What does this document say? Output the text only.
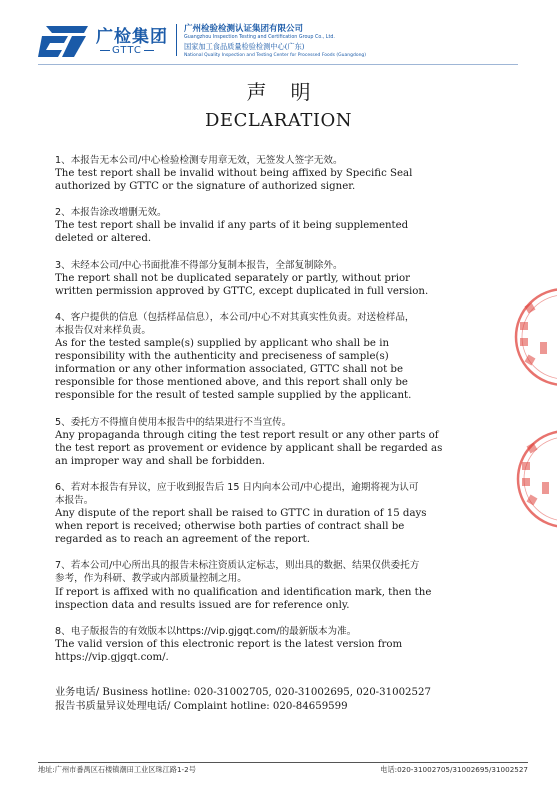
广检集团
GTTC
广州检验检测认证集团有限公司
Guangzhou Inspection Testing and Certification Group Co., Ltd.
国家加工食品质量检验检测中心(广东)
National Quality Inspection and Testing Center for Processed Foods (Guangdong)
声明
DECLARATION

1、本报告无本公司/中心检验检测专用章无效，无签发人签字无效。

The test report shall be invalid without being affixed by Specific Seal

authorized by GTTC or the signature of authorized signer.

2、本报告涂改增删无效。

The test report shall be invalid if any parts of it being supplemented

deleted or altered.

3、未经本公司/中心书面批准不得部分复制本报告，全部复制除外。

The report shall not be duplicated separately or partly, without prior

written permission approved by GTTC, except duplicated in full version.

4、客户提供的信息（包括样品信息），本公司/中心不对其真实性负责。对送检样品，

本报告仅对来样负责。

As for the tested sample(s) supplied by applicant who shall be in

responsibility with the authenticity and preciseness of sample(s)

information or any other information associated, GTTC shall not be

responsible for those mentioned above, and this report shall only be

responsible for the result of tested sample supplied by the applicant.

5、委托方不得擅自使用本报告中的结果进行不当宣传。

Any propaganda through citing the test report result or any other parts of

the test report as provement or evidence by applicant shall be regarded as

an improper way and shall be forbidden.

6、若对本报告有异议，应于收到报告后 15 日内向本公司/中心提出，逾期将视为认可

本报告。

Any dispute of the report shall be raised to GTTC in duration of 15 days

when report is received; otherwise both parties of contract shall be

regarded as to reach an agreement of the report.

7、若本公司/中心所出具的报告未标注资质认定标志，则出具的数据、结果仅供委托方

参考，作为科研、教学或内部质量控制之用。

If report is affixed with no qualification and identification mark, then the

inspection data and results issued are for reference only.

8、电子版报告的有效版本以https://vip.gjgqt.com/的最新版本为准。

The valid version of this electronic report is the latest version from

https://vip.gjgqt.com/.

业务电话/ Business hotline: 020-31002705, 020-31002695, 020-31002527

报告书质量异议处理电话/ Complaint hotline: 020-84659599

地址:广州市番禺区石楼镇潮田工业区珠江路1-2号	电话:020-31002705/31002695/31002527
